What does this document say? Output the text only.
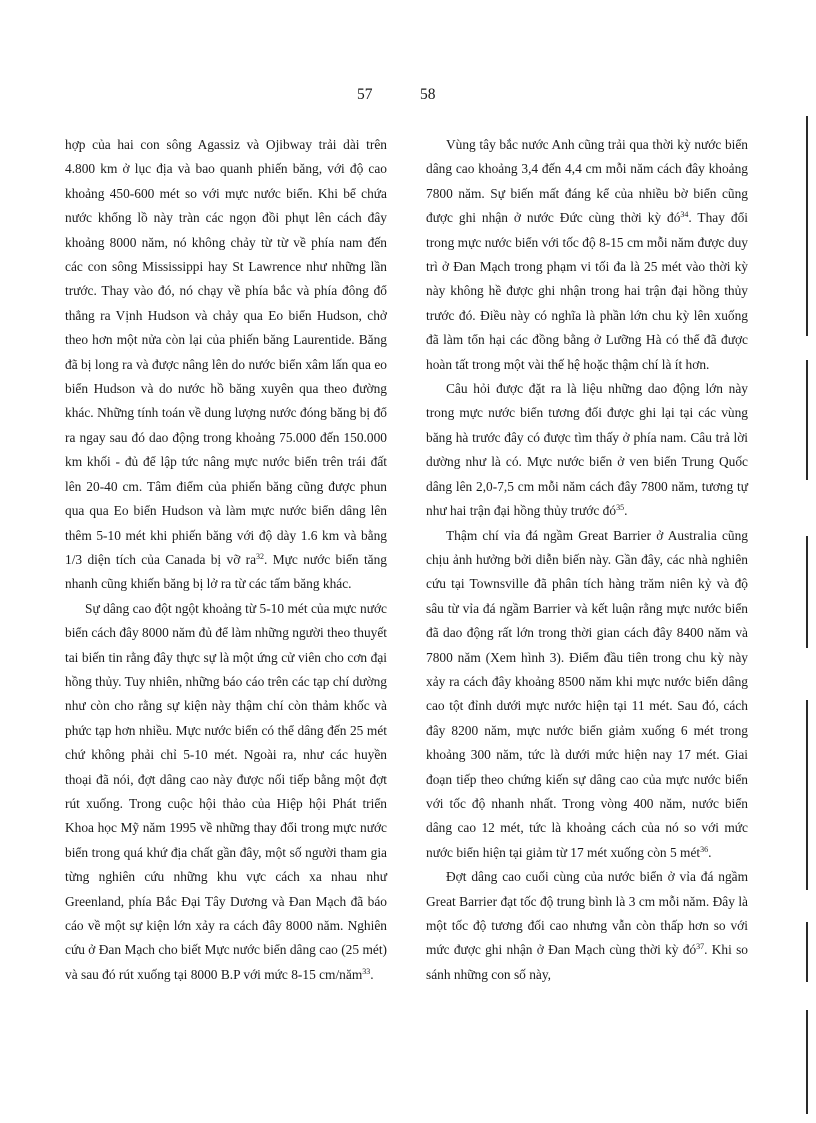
57	58

hợp của hai con sông Agassiz và Ojibway trải dài trên 4.800 km ở lục địa và bao quanh phiến băng, với độ cao khoảng 450-600 mét so với mực nước biển. Khi bể chứa nước khổng lồ này tràn các ngọn đồi phụt lên cách đây khoảng 8000 năm, nó không chảy từ từ về phía nam đến các con sông Mississippi hay St Lawrence như những lần trước. Thay vào đó, nó chạy về phía bắc và phía đông đổ thẳng ra Vịnh Hudson và chảy qua Eo biển Hudson, chở theo hơn một nửa còn lại của phiến băng Laurentide. Băng đã bị long ra và được nâng lên do nước biển xâm lấn qua eo biển Hudson và do nước hồ băng xuyên qua theo đường khác. Những tính toán về dung lượng nước đóng băng bị đổ ra ngay sau đó dao động trong khoảng 75.000 đến 150.000 km khối - đủ để lập tức nâng mực nước biển trên trái đất lên 20-40 cm. Tâm điểm của phiến băng cũng được phun qua qua Eo biển Hudson và làm mực nước biển dâng lên thêm 5-10 mét khi phiến băng với độ dày 1.6 km và bằng 1/3 diện tích của Canada bị vỡ $ra^{32}$. Mực nước biển tăng nhanh cũng khiến băng bị lở ra từ các tấm băng khác.

Sự dâng cao đột ngột khoảng từ 5-10 mét của mực nước biển cách đây 8000 năm đủ để làm những người theo thuyết tai biến tin rằng đây thực sự là một ứng cử viên cho cơn đại hồng thủy. Tuy nhiên, những báo cáo trên các tạp chí dường như còn cho rằng sự kiện này thậm chí còn thảm khốc và phức tạp hơn nhiều. Mực nước biển có thể dâng đến 25 mét chứ không phải chỉ 5-10 mét. Ngoài ra, như các huyền thoại đã nói, đợt dâng cao này được nối tiếp bằng một đợt rút xuống. Trong cuộc hội thảo của Hiệp hội Phát triển Khoa học Mỹ năm 1995 về những thay đổi trong mực nước biển trong quá khứ địa chất gần đây, một số người tham gia từng nghiên cứu những khu vực cách xa nhau như Greenland, phía Bắc Đại Tây Dương và Đan Mạch đã báo cáo về một sự kiện lớn xảy ra cách đây 8000 năm. Nghiên cứu ở Đan Mạch cho biết Mực nước biển dâng cao (25 mét) và sau đó rút xuống tại 8000 B.P với mức 8-15 cm/năm$^{33}$.

Vùng tây bắc nước Anh cũng trải qua thời kỳ nước biển dâng cao khoảng 3,4 đến 4,4 cm mỗi năm cách đây khoảng 7800 năm. Sự biến mất đáng kể của nhiều bờ biển cũng được ghi nhận ở nước Đức cùng thời kỳ $đó^{34}$. Thay đổi trong mực nước biển với tốc độ 8-15 cm mỗi năm được duy trì ở Đan Mạch trong phạm vi tối đa là 25 mét vào thời kỳ này không hề được ghi nhận trong hai trận đại hồng thủy trước đó. Điều này có nghĩa là phần lớn chu kỳ lên xuống đã làm tổn hại các đồng bằng ở Lưỡng Hà có thể đã được hoàn tất trong một vài thế hệ hoặc thậm chí là ít hơn.

Câu hỏi được đặt ra là liệu những dao động lớn này trong mực nước biển tương đối được ghi lại tại các vùng băng hà trước đây có được tìm thấy ở phía nam. Câu trả lời dường như là có. Mực nước biển ở ven biển Trung Quốc dâng lên 2,0-7,5 cm mỗi năm cách đây 7800 năm, tương tự như hai trận đại hồng thủy trước $đó^{35}$.

Thậm chí vỉa đá ngầm Great Barrier ở Australia cũng chịu ảnh hưởng bởi diễn biến này. Gần đây, các nhà nghiên cứu tại Townsville đã phân tích hàng trăm niên kỷ và độ sâu từ vỉa đá ngầm Barrier và kết luận rằng mực nước biển đã dao động rất lớn trong thời gian cách đây 8400 năm và 7800 năm (Xem hình 3). Điểm đầu tiên trong chu kỳ này xảy ra cách đây khoảng 8500 năm khi mực nước biển dâng cao tột đỉnh dưới mực nước hiện tại 11 mét. Sau đó, cách đây 8200 năm, mực nước biển giảm xuống 6 mét trong khoảng 300 năm, tức là dưới mức hiện nay 17 mét. Giai đoạn tiếp theo chứng kiến sự dâng cao của mực nước biển với tốc độ nhanh nhất. Trong vòng 400 năm, nước biển dâng cao 12 mét, tức là khoảng cách của nó so với mức nước biển hiện tại giảm từ 17 mét xuống còn 5 mét$^{36}$.

Đợt dâng cao cuối cùng của nước biển ở vỉa đá ngầm Great Barrier đạt tốc độ trung bình là 3 cm mỗi năm. Đây là một tốc độ tương đối cao nhưng vẫn còn thấp hơn so với mức được ghi nhận ở Đan Mạch cùng thời kỳ $đó^{37}$. Khi so sánh những con số này,
